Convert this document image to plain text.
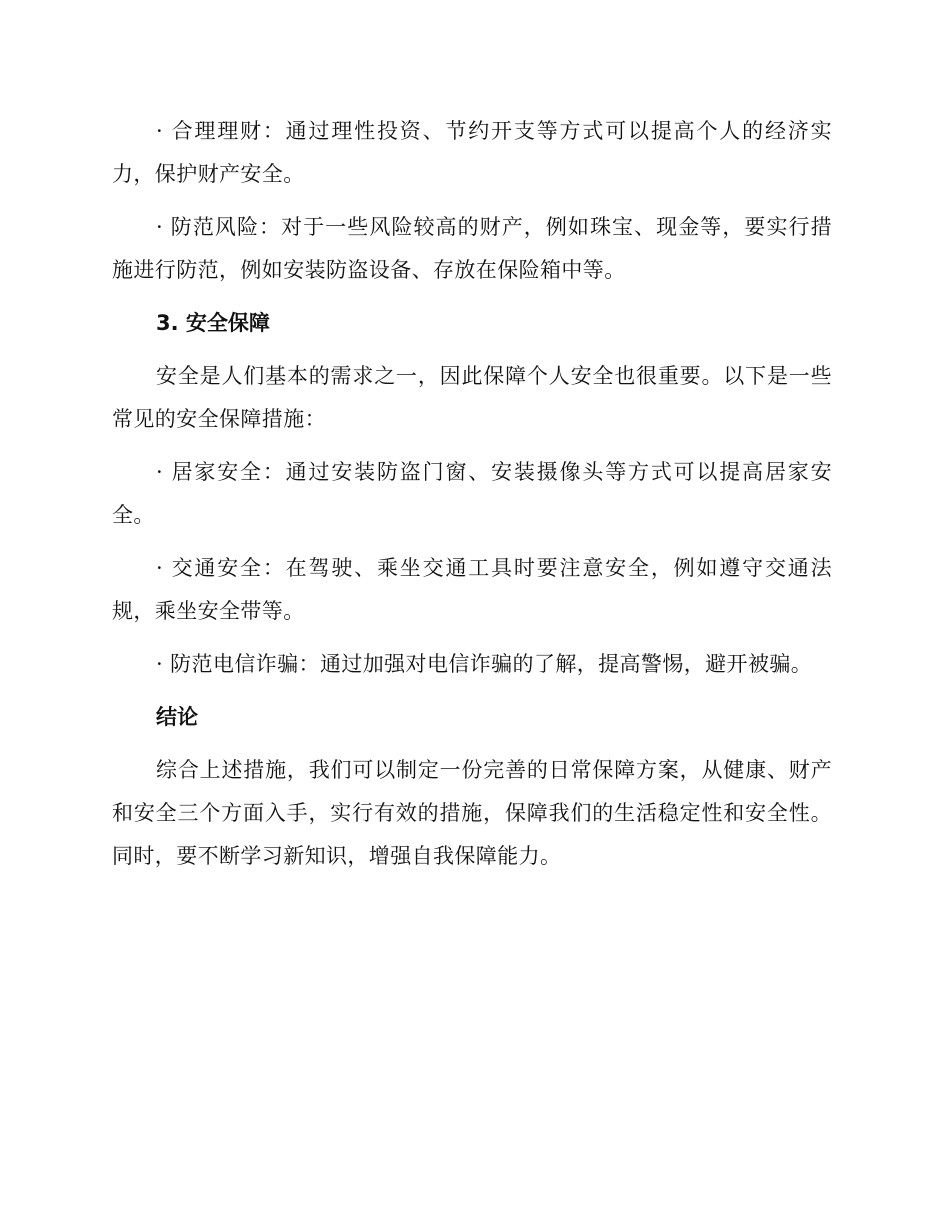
· 合理理财：通过理性投资、节约开支等方式可以提高个人的经济实力，保护财产安全。

· 防范风险：对于一些风险较高的财产，例如珠宝、现金等，要实行措施进行防范，例如安装防盗设备、存放在保险箱中等。

3. 安全保障

安全是人们基本的需求之一，因此保障个人安全也很重要。以下是一些常见的安全保障措施：

· 居家安全：通过安装防盗门窗、安装摄像头等方式可以提高居家安全。

· 交通安全：在驾驶、乘坐交通工具时要注意安全，例如遵守交通法规，乘坐安全带等。

· 防范电信诈骗：通过加强对电信诈骗的了解，提高警惕，避开被骗。

结论

综合上述措施，我们可以制定一份完善的日常保障方案，从健康、财产和安全三个方面入手，实行有效的措施，保障我们的生活稳定性和安全性。同时，要不断学习新知识，增强自我保障能力。
